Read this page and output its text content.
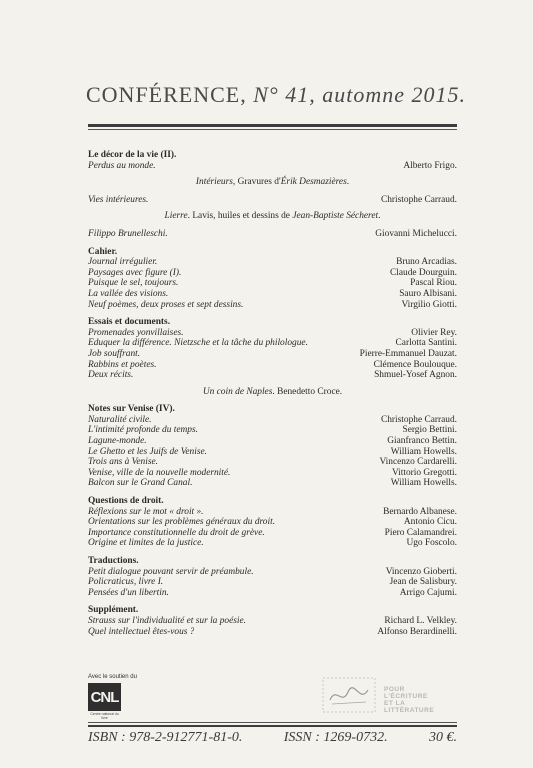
CONFÉRENCE, N° 41, automne 2015.
Le décor de la vie (II).
Perdus au monde.	Alberto Frigo.
Intérieurs, Gravures d'Érik Desmazières.
Vies intérieures.	Christophe Carraud.
Lierre. Lavis, huiles et dessins de Jean-Baptiste Sécheret.
Filippo Brunelleschi.	Giovanni Michelucci.
Cahier.
Journal irrégulier.	Bruno Arcadias.
Paysages avec figure (I).	Claude Dourguin.
Puisque le sel, toujours.	Pascal Riou.
La vallée des visions.	Sauro Albisani.
Neuf poèmes, deux proses et sept dessins.	Virgilio Giotti.
Essais et documents.
Promenades yonvillaises.	Olivier Rey.
Éduquer la différence. Nietzsche et la tâche du philologue.	Carlotta Santini.
Job souffrant.	Pierre-Emmanuel Dauzat.
Rabbins et poètes.	Clémence Boulouque.
Deux récits.	Shmuel-Yosef Agnon.
Un coin de Naples. Benedetto Croce.
Notes sur Venise (IV).
Naturalité civile.	Christophe Carraud.
L'intimité profonde du temps.	Sergio Bettini.
Lagune-monde.	Gianfranco Bettin.
Le Ghetto et les Juifs de Venise.	William Howells.
Trois ans à Venise.	Vincenzo Cardarelli.
Venise, ville de la nouvelle modernité.	Vittorio Gregotti.
Balcon sur le Grand Canal.	William Howells.
Questions de droit.
Réflexions sur le mot « droit ».	Bernardo Albanese.
Orientations sur les problèmes généraux du droit.	Antonio Cicu.
Importance constitutionnelle du droit de grève.	Piero Calamandrei.
Origine et limites de la justice.	Ugo Foscolo.
Traductions.
Petit dialogue pouvant servir de préambule.	Vincenzo Gioberti.
Policraticus, livre I.	Jean de Salisbury.
Pensées d'un libertin.	Arrigo Cajumi.
Supplément.
Strauss sur l'individualité et sur la poésie.	Richard L. Velkley.
Quel intellectuel êtes-vous ?	Alfonso Berardinelli.
Avec le soutien du
CNL
Centre national du livre
POUR
L'ÉCRITURE
ET LA
LITTÉRATURE
ISBN : 978-2-912771-81-0.	ISSN : 1269-0732.	30 €.
